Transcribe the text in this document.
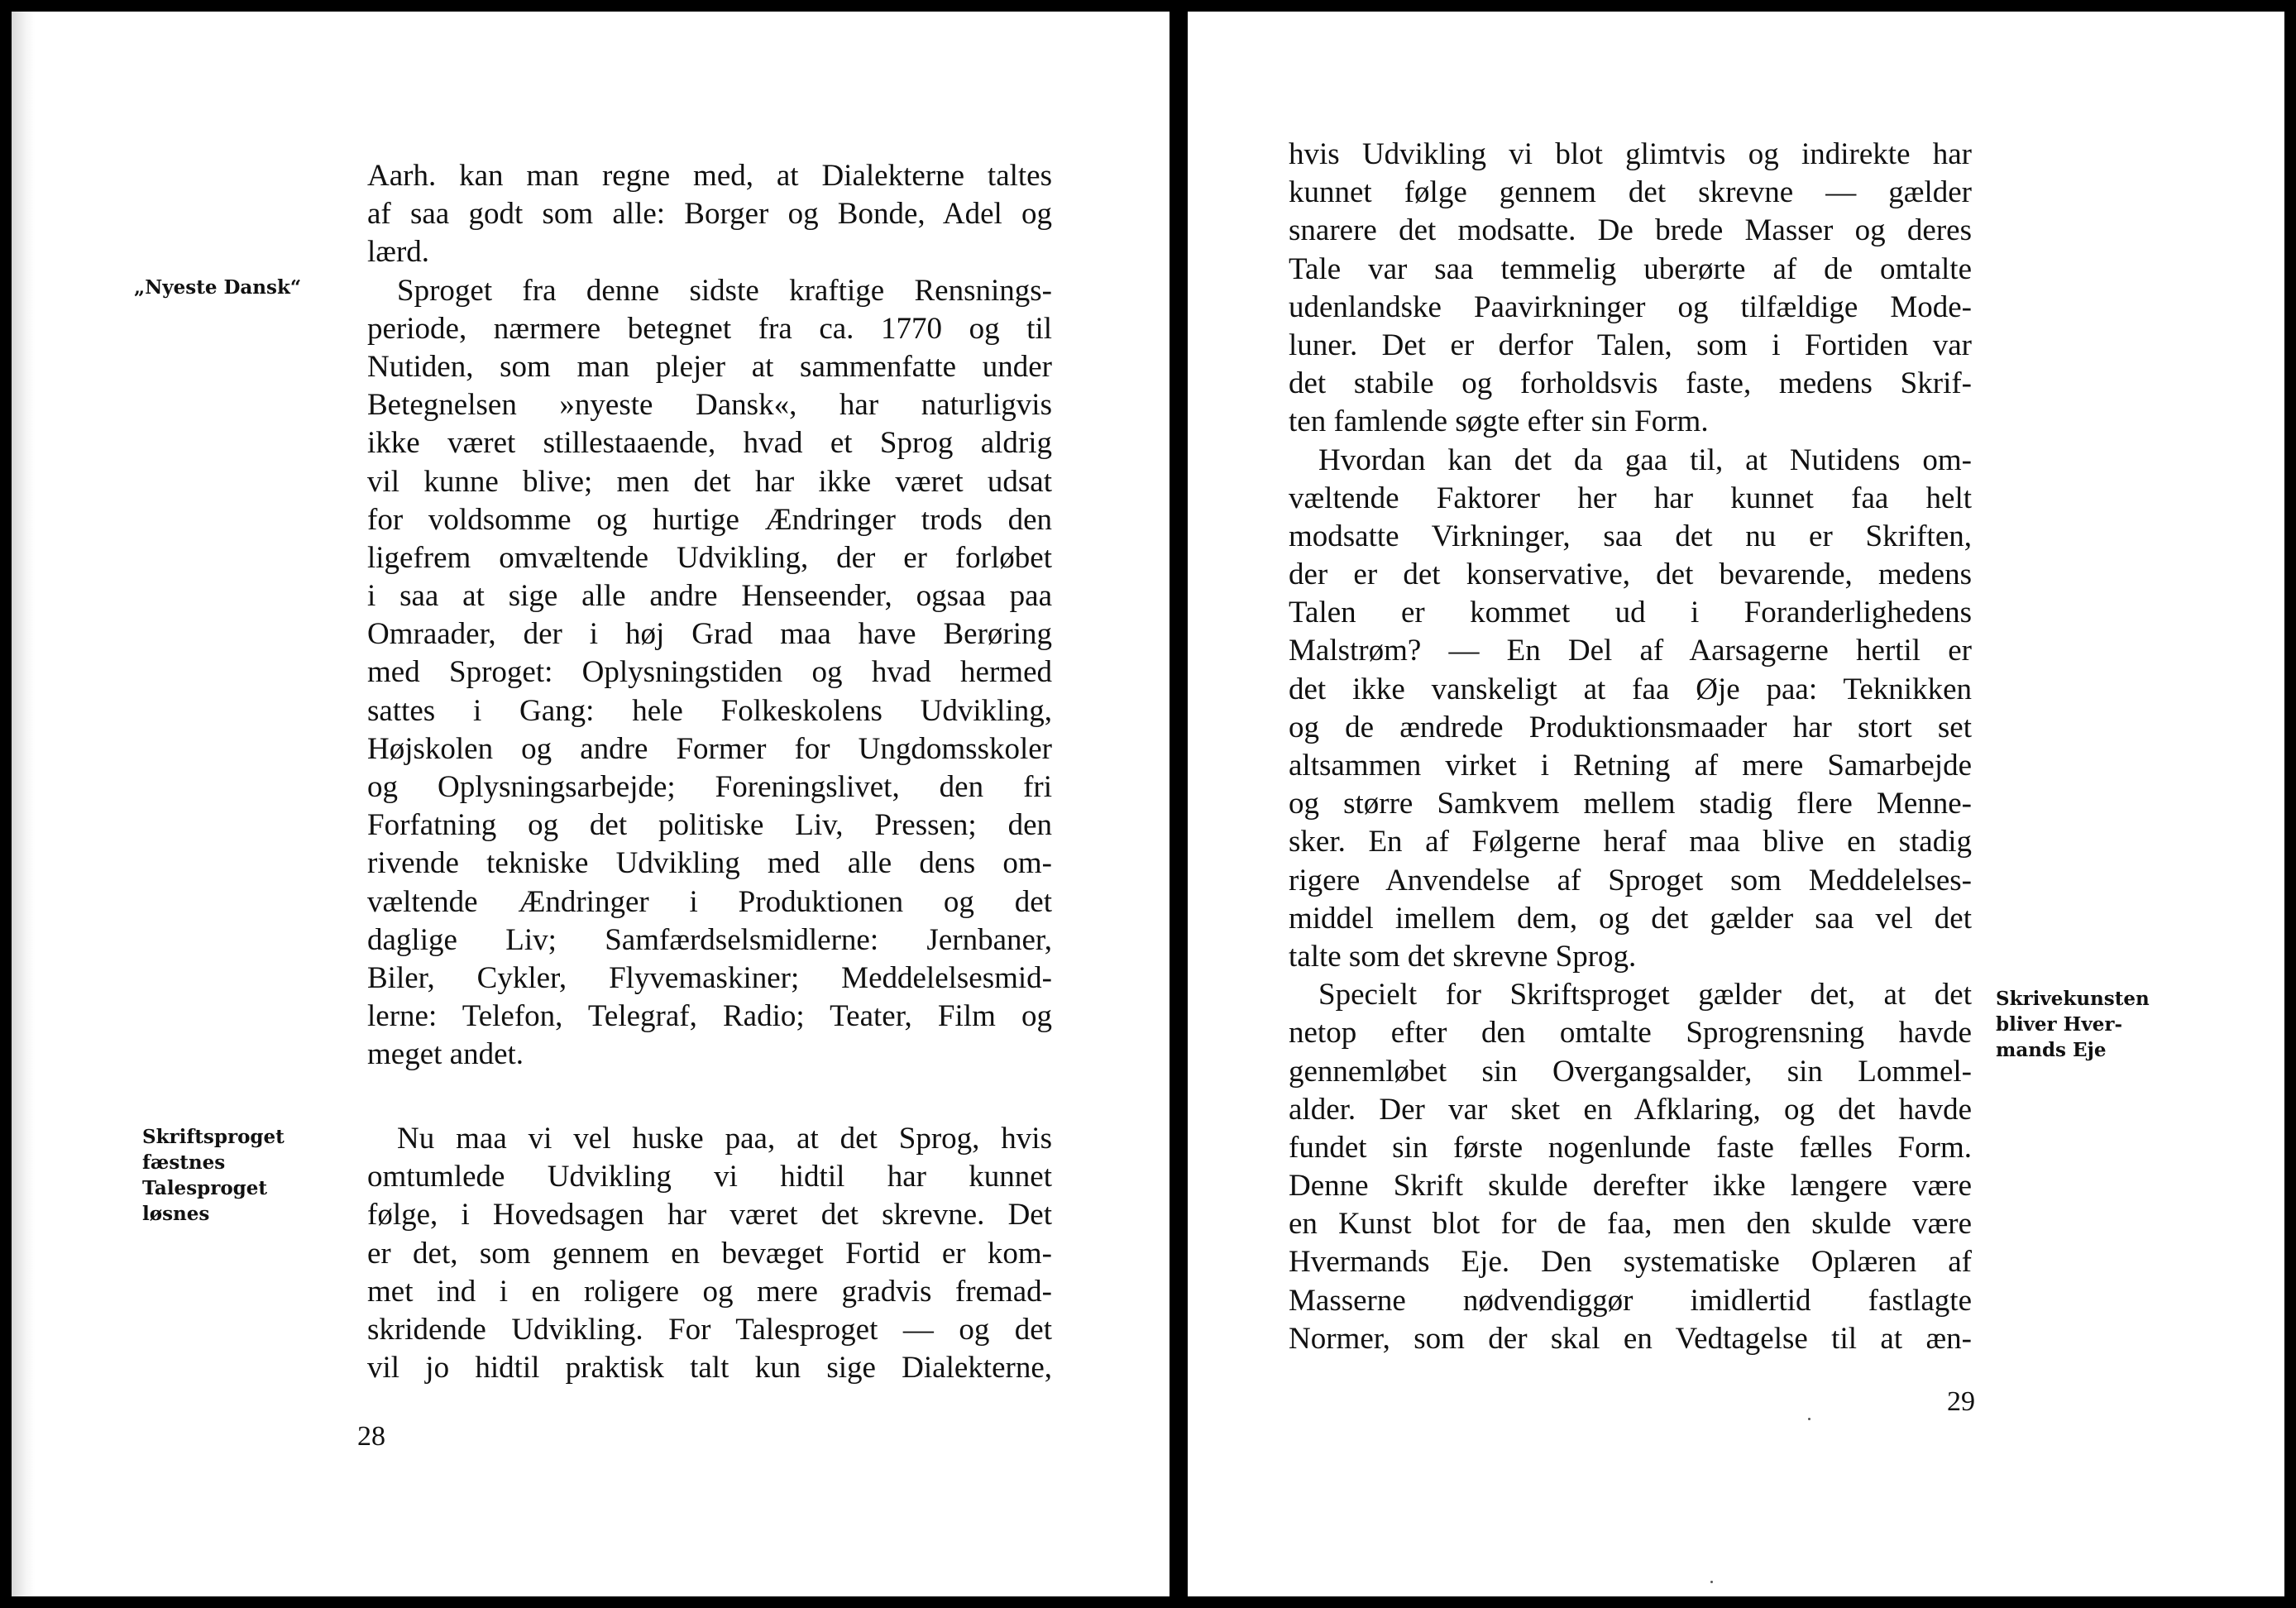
„Nyeste Dansk“
Skriftsproget
fæstnes
Talesproget
løsnes
Aarh. kan man regne med, at Dialekterne taltes
af saa godt som alle: Borger og Bonde, Adel og
lærd.
Sproget fra denne sidste kraftige Rensnings-
periode, nærmere betegnet fra ca. 1770 og til
Nutiden, som man plejer at sammenfatte under
Betegnelsen »nyeste Dansk«, har naturligvis
ikke været stillestaaende, hvad et Sprog aldrig
vil kunne blive; men det har ikke været udsat
for voldsomme og hurtige Ændringer trods den
ligefrem omvæltende Udvikling, der er forløbet
i saa at sige alle andre Henseender, ogsaa paa
Omraader, der i høj Grad maa have Berøring
med Sproget: Oplysningstiden og hvad hermed
sattes i Gang: hele Folkeskolens Udvikling,
Højskolen og andre Former for Ungdomsskoler
og Oplysningsarbejde; Foreningslivet, den fri
Forfatning og det politiske Liv, Pressen; den
rivende tekniske Udvikling med alle dens om-
væltende Ændringer i Produktionen og det
daglige Liv; Samfærdselsmidlerne: Jernbaner,
Biler, Cykler, Flyvemaskiner; Meddelelsesmid-
lerne: Telefon, Telegraf, Radio; Teater, Film og
meget andet.
Nu maa vi vel huske paa, at det Sprog, hvis
omtumlede Udvikling vi hidtil har kunnet
følge, i Hovedsagen har været det skrevne. Det
er det, som gennem en bevæget Fortid er kom-
met ind i en roligere og mere gradvis fremad-
skridende Udvikling. For Talesproget — og det
vil jo hidtil praktisk talt kun sige Dialekterne,
28
hvis Udvikling vi blot glimtvis og indirekte har
kunnet følge gennem det skrevne — gælder
snarere det modsatte. De brede Masser og deres
Tale var saa temmelig uberørte af de omtalte
udenlandske Paavirkninger og tilfældige Mode-
luner. Det er derfor Talen, som i Fortiden var
det stabile og forholdsvis faste, medens Skrif-
ten famlende søgte efter sin Form.
Hvordan kan det da gaa til, at Nutidens om-
væltende Faktorer her har kunnet faa helt
modsatte Virkninger, saa det nu er Skriften,
der er det konservative, det bevarende, medens
Talen er kommet ud i Foranderlighedens
Malstrøm? — En Del af Aarsagerne hertil er
det ikke vanskeligt at faa Øje paa: Teknikken
og de ændrede Produktionsmaader har stort set
altsammen virket i Retning af mere Samarbejde
og større Samkvem mellem stadig flere Menne-
sker. En af Følgerne heraf maa blive en stadig
rigere Anvendelse af Sproget som Meddelelses-
middel imellem dem, og det gælder saa vel det
talte som det skrevne Sprog.
Specielt for Skriftsproget gælder det, at det
netop efter den omtalte Sprogrensning havde
gennemløbet sin Overgangsalder, sin Lommel-
alder. Der var sket en Afklaring, og det havde
fundet sin første nogenlunde faste fælles Form.
Denne Skrift skulde derefter ikke længere være
en Kunst blot for de faa, men den skulde være
Hvermands Eje. Den systematiske Oplæren af
Masserne nødvendiggør imidlertid fastlagte
Normer, som der skal en Vedtagelse til at æn-
Skrivekunsten
bliver Hver-
mands Eje
29
